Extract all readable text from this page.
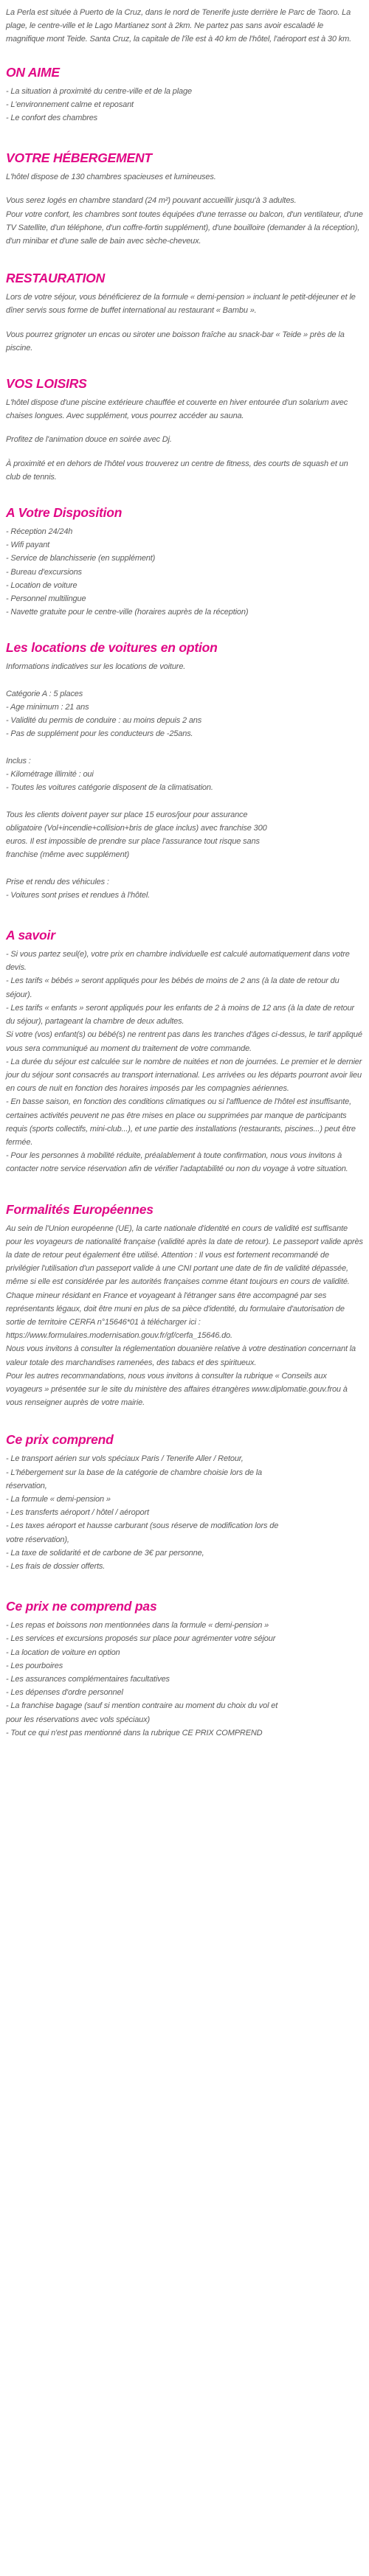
La Perla est située à Puerto de la Cruz, dans le nord de Tenerife juste derrière le Parc de Taoro. La plage, le centre-ville et le Lago Martianez sont à 2km. Ne partez pas sans avoir escaladé le magnifique mont Teide. Santa Cruz, la capitale de l'île est à 40 km de l'hôtel, l'aéroport est à 30 km.

ON AIME
- La situation à proximité du centre-ville et de la plage
- L'environnement calme et reposant
- Le confort des chambres
VOTRE HÉBERGEMENT

L'hôtel dispose de 130 chambres spacieuses et lumineuses.

Vous serez logés en chambre standard (24 m²) pouvant accueillir jusqu'à 3 adultes.
Pour votre confort, les chambres sont toutes équipées d'une terrasse ou balcon, d'un ventilateur, d'une TV Satellite, d'un téléphone, d'un coffre-fortin supplément), d'une bouilloire (demander à la réception), d'un minibar et d'une salle de bain avec sèche-cheveux.

RESTAURATION

Lors de votre séjour, vous bénéficierez de la formule « demi-pension » incluant le petit-déjeuner et le dîner servis sous forme de buffet international au restaurant « Bambu ».

Vous pourrez grignoter un encas ou siroter une boisson fraîche au snack-bar « Teide » près de la piscine.

VOS LOISIRS

L'hôtel dispose d'une piscine extérieure chauffée et couverte en hiver entourée d'un solarium avec chaises longues. Avec supplément, vous pourrez accéder au sauna.

Profitez de l'animation douce en soirée avec Dj.

À proximité et en dehors de l'hôtel vous trouverez un centre de fitness, des courts de squash et un club de tennis.

A Votre Disposition
- Réception 24/24h
- Wifi payant
- Service de blanchisserie (en supplément)
- Bureau d'excursions
- Location de voiture
- Personnel multilingue
- Navette gratuite pour le centre-ville (horaires auprès de la réception)
Les locations de voitures en option
Informations indicatives sur les locations de voiture.
Catégorie A : 5 places
- Age minimum : 21 ans
- Validité du permis de conduire : au moins depuis 2 ans
- Pas de supplément pour les conducteurs de -25ans.
Inclus :
- Kilométrage illimité : oui
- Toutes les voitures catégorie disposent de la climatisation.
Tous les clients doivent payer sur place 15 euros/jour pour assurance
obligatoire (Vol+incendie+collision+bris de glace inclus) avec franchise 300
euros. Il est impossible de prendre sur place l'assurance tout risque sans
franchise (même avec supplément)
Prise et rendu des véhicules :
- Voitures sont prises et rendues à l'hôtel.
A savoir

- Si vous partez seul(e), votre prix en chambre individuelle est calculé automatiquement dans votre devis.
- Les tarifs « bébés » seront appliqués pour les bébés de moins de 2 ans (à la date de retour du séjour).
- Les tarifs « enfants » seront appliqués pour les enfants de 2 à moins de 12 ans (à la date de retour du séjour), partageant la chambre de deux adultes.
Si votre (vos) enfant(s) ou bébé(s) ne rentrent pas dans les tranches d'âges ci-dessus, le tarif appliqué vous sera communiqué au moment du traitement de votre commande.
- La durée du séjour est calculée sur le nombre de nuitées et non de journées. Le premier et le dernier jour du séjour sont consacrés au transport international. Les arrivées ou les départs pourront avoir lieu en cours de nuit en fonction des horaires imposés par les compagnies aériennes.
- En basse saison, en fonction des conditions climatiques ou si l'affluence de l'hôtel est insuffisante, certaines activités peuvent ne pas être mises en place ou supprimées par manque de participants requis (sports collectifs, mini-club...), et une partie des installations (restaurants, piscines...) peut être fermée.
- Pour les personnes à mobilité réduite, préalablement à toute confirmation, nous vous invitons à contacter notre service réservation afin de vérifier l'adaptabilité ou non du voyage à votre situation.

Formalités Européennes

Au sein de l'Union européenne (UE), la carte nationale d'identité en cours de validité est suffisante pour les voyageurs de nationalité française (validité après la date de retour). Le passeport valide après la date de retour peut également être utilisé. Attention : Il vous est fortement recommandé de privilégier l'utilisation d'un passeport valide à une CNI portant une date de fin de validité dépassée, même si elle est considérée par les autorités françaises comme étant toujours en cours de validité. Chaque mineur résidant en France et voyageant à l'étranger sans être accompagné par ses représentants légaux, doit être muni en plus de sa pièce d'identité, du formulaire d'autorisation de sortie de territoire CERFA n°15646*01 à télécharger ici :
https://www.formulaires.modernisation.gouv.fr/gf/cerfa_15646.do.
Nous vous invitons à consulter la réglementation douanière relative à votre destination concernant la valeur totale des marchandises ramenées, des tabacs et des spiritueux.
Pour les autres recommandations, nous vous invitons à consulter la rubrique « Conseils aux voyageurs » présentée sur le site du ministère des affaires étrangères www.diplomatie.gouv.frou à vous renseigner auprès de votre mairie.

Ce prix comprend
- Le transport aérien sur vols spéciaux Paris / Tenerife Aller / Retour,
- L'hébergement sur la base de la catégorie de chambre choisie lors de la
réservation,
- La formule « demi-pension »
- Les transferts aéroport / hôtel / aéroport
- Les taxes aéroport et hausse carburant (sous réserve de modification lors de
votre réservation),
- La taxe de solidarité et de carbone de 3€ par personne,
- Les frais de dossier offerts.
Ce prix ne comprend pas
- Les repas et boissons non mentionnées dans la formule « demi-pension »
- Les services et excursions proposés sur place pour agrémenter votre séjour
- La location de voiture en option
- Les pourboires
- Les assurances complémentaires facultatives
- Les dépenses d'ordre personnel
- La franchise bagage (sauf si mention contraire au moment du choix du vol et
pour les réservations avec vols spéciaux)
- Tout ce qui n'est pas mentionné dans la rubrique CE PRIX COMPREND
